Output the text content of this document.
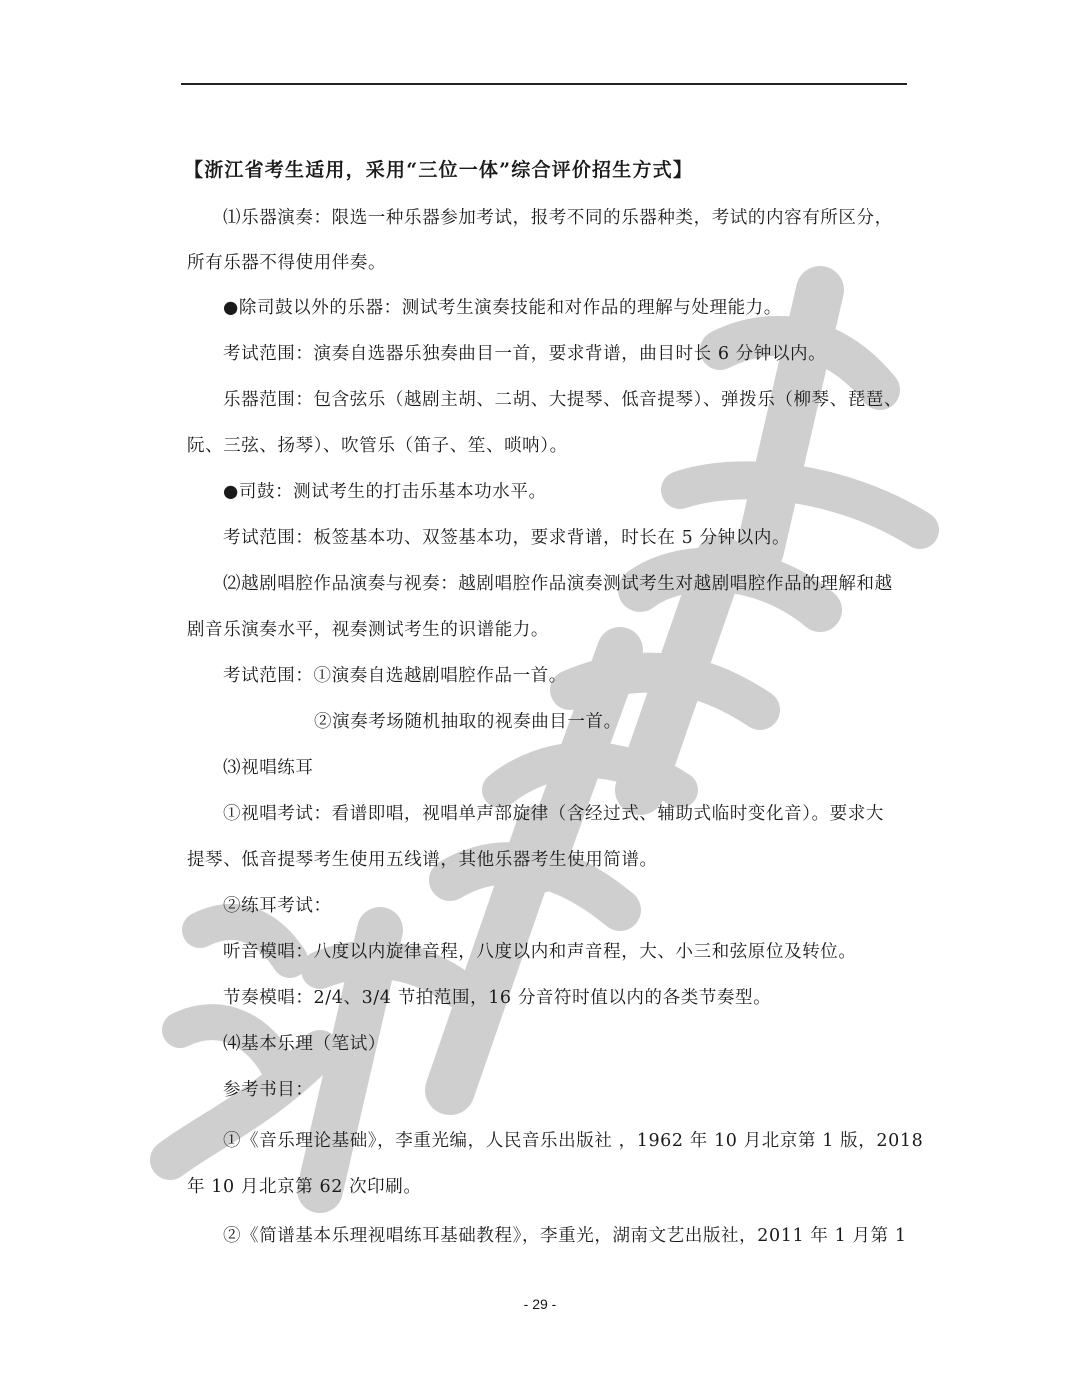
【浙江省考生适用，采用“三位一体”综合评价招生方式】
⑴乐器演奏：限选一种乐器参加考试，报考不同的乐器种类，考试的内容有所区分，
所有乐器不得使用伴奏。
●除司鼓以外的乐器：测试考生演奏技能和对作品的理解与处理能力。
考试范围：演奏自选器乐独奏曲目一首，要求背谱，曲目时长 6 分钟以内。
乐器范围：包含弦乐（越剧主胡、二胡、大提琴、低音提琴）、弹拨乐（柳琴、琵琶、
阮、三弦、扬琴）、吹管乐（笛子、笙、唢呐）。
●司鼓：测试考生的打击乐基本功水平。
考试范围：板签基本功、双签基本功，要求背谱，时长在 5 分钟以内。
⑵越剧唱腔作品演奏与视奏：越剧唱腔作品演奏测试考生对越剧唱腔作品的理解和越
剧音乐演奏水平，视奏测试考生的识谱能力。
考试范围：①演奏自选越剧唱腔作品一首。
②演奏考场随机抽取的视奏曲目一首。
⑶视唱练耳
①视唱考试：看谱即唱，视唱单声部旋律（含经过式、辅助式临时变化音）。要求大
提琴、低音提琴考生使用五线谱，其他乐器考生使用简谱。
②练耳考试：
听音模唱：八度以内旋律音程，八度以内和声音程，大、小三和弦原位及转位。
节奏模唱：2/4、3/4 节拍范围，16 分音符时值以内的各类节奏型。
⑷基本乐理（笔试）
参考书目：
①《音乐理论基础》，李重光编，人民音乐出版社 ，1962 年 10 月北京第 1 版，2018
年 10 月北京第 62 次印刷。
②《简谱基本乐理视唱练耳基础教程》，李重光，湖南文艺出版社，2011 年 1 月第 1
- 29 -
